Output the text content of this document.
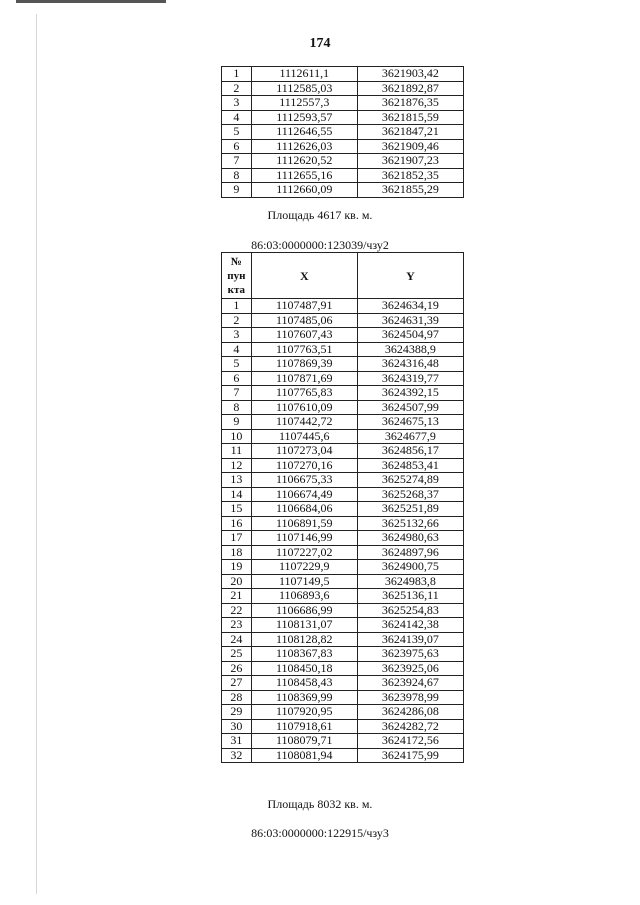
174
1	1112611,1	3621903,42
2	1112585,03	3621892,87
3	1112557,3	3621876,35
4	1112593,57	3621815,59
5	1112646,55	3621847,21
6	1112626,03	3621909,46
7	1112620,52	3621907,23
8	1112655,16	3621852,35
9	1112660,09	3621855,29
Площадь 4617 кв. м.
86:03:0000000:123039/чзу2
№ пун кта	X	Y
1	1107487,91	3624634,19
2	1107485,06	3624631,39
3	1107607,43	3624504,97
4	1107763,51	3624388,9
5	1107869,39	3624316,48
6	1107871,69	3624319,77
7	1107765,83	3624392,15
8	1107610,09	3624507,99
9	1107442,72	3624675,13
10	1107445,6	3624677,9
11	1107273,04	3624856,17
12	1107270,16	3624853,41
13	1106675,33	3625274,89
14	1106674,49	3625268,37
15	1106684,06	3625251,89
16	1106891,59	3625132,66
17	1107146,99	3624980,63
18	1107227,02	3624897,96
19	1107229,9	3624900,75
20	1107149,5	3624983,8
21	1106893,6	3625136,11
22	1106686,99	3625254,83
23	1108131,07	3624142,38
24	1108128,82	3624139,07
25	1108367,83	3623975,63
26	1108450,18	3623925,06
27	1108458,43	3623924,67
28	1108369,99	3623978,99
29	1107920,95	3624286,08
30	1107918,61	3624282,72
31	1108079,71	3624172,56
32	1108081,94	3624175,99
Площадь 8032 кв. м.
86:03:0000000:122915/чзу3
